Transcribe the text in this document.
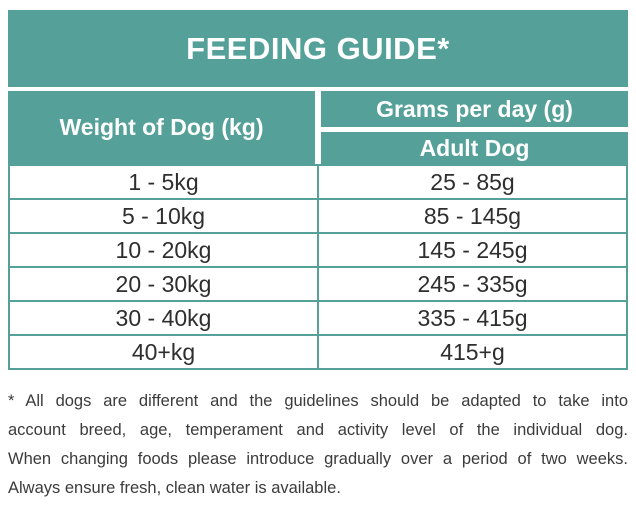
FEEDING GUIDE*
Weight of Dog (kg)
Grams per day (g)
Adult Dog
1 - 5kg	25 - 85g
5 - 10kg	85 - 145g
10 - 20kg	145 - 245g
20 - 30kg	245 - 335g
30 - 40kg	335 - 415g
40+kg	415+g
* All dogs are different and the guidelines should be adapted to take into
account breed, age, temperament and activity level of the individual dog.
When changing foods please introduce gradually over a period of two weeks.
Always ensure fresh, clean water is available.
